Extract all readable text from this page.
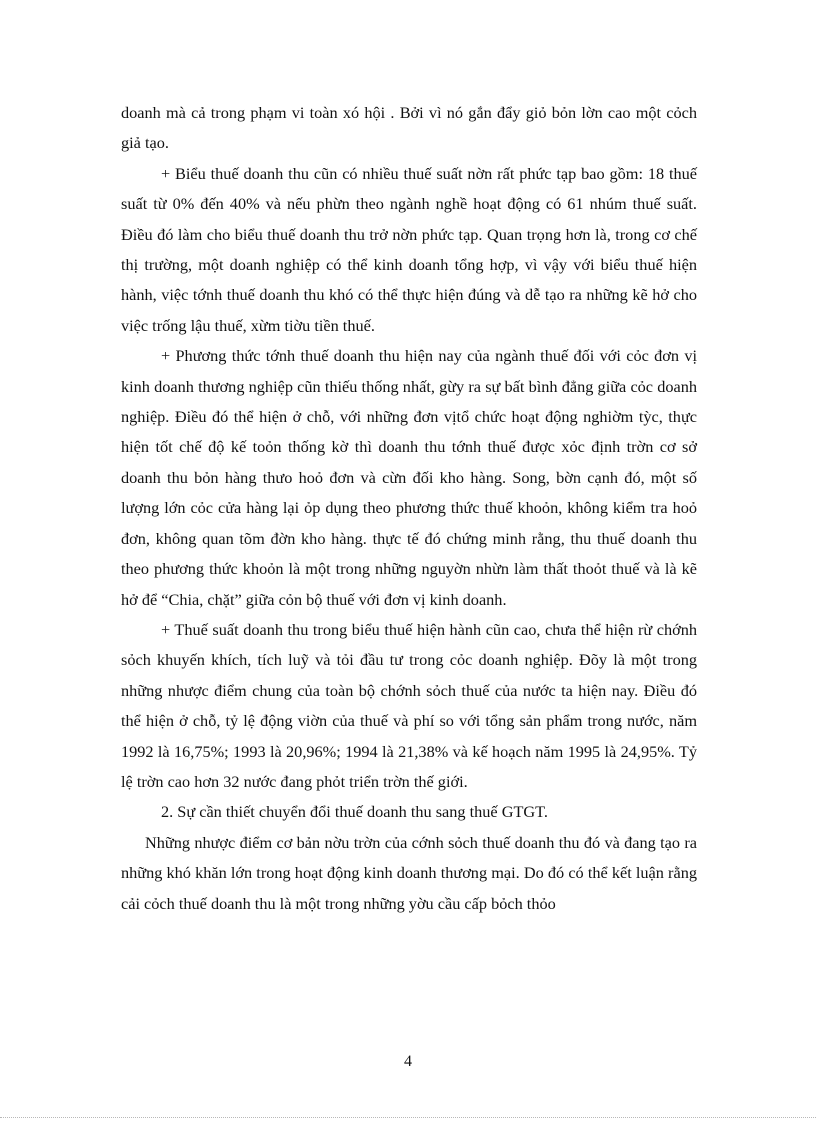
doanh mà cả trong phạm vi toàn xó hội . Bởi vì nó gắn đẩy giỏ bỏn lờn cao một cỏch giả tạo.

+ Biểu thuế doanh thu cũn có nhiều thuế suất nờn rất phức tạp bao gồm: 18 thuế suất từ 0% đến 40% và nếu phừn theo ngành nghề hoạt động có 61 nhúm thuế suất. Điều đó làm cho biểu thuế doanh thu trở nờn phức tạp. Quan trọng hơn là, trong cơ chế thị trường, một doanh nghiệp có thể kinh doanh tổng hợp, vì vậy với biểu thuế hiện hành, việc tớnh thuế doanh thu khó có thể thực hiện đúng và dễ tạo ra những kẽ hở cho việc trống lậu thuế, xừm tiờu tiền thuế.

+ Phương thức tớnh thuế doanh thu hiện nay của ngành thuế đối với cỏc đơn vị kinh doanh thương nghiệp cũn thiếu thống nhất, gừy ra sự bất bình đẳng giữa cỏc doanh nghiệp. Điều đó thể hiện ở chỗ, với những đơn vịtổ chức hoạt động nghiờm tỳc, thực hiện tốt chế độ kế toỏn thống kờ thì doanh thu tớnh thuế được xỏc định trờn cơ sở doanh thu bỏn hàng thưo hoỏ đơn và cừn đối kho hàng. Song, bờn cạnh đó, một số lượng lớn cỏc cửa hàng lại ỏp dụng theo phương thức thuế khoỏn, không kiểm tra hoỏ đơn, không quan tõm đờn kho hàng. thực tế đó chứng minh rằng, thu thuế doanh thu theo phương thức khoỏn là một trong những nguyờn nhừn làm thất thoỏt thuế và là kẽ hở để “Chia, chặt” giữa cỏn bộ thuế với đơn vị kinh doanh.

+ Thuế suất doanh thu trong biểu thuế hiện hành cũn cao, chưa thể hiện rừ chớnh sỏch khuyến khích, tích luỹ và tỏi đầu tư trong cỏc doanh nghiệp. Đõy là một trong những nhược điểm chung của toàn bộ chớnh sỏch thuế của nước ta hiện nay. Điều đó thể hiện ở chỗ, tỷ lệ động viờn của thuế và phí so với tổng sản phẩm trong nước, năm 1992 là 16,75%; 1993 là 20,96%; 1994 là 21,38% và kế hoạch năm 1995 là 24,95%. Tỷ lệ trờn cao hơn 32 nước đang phỏt triển trờn thế giới.

2. Sự cần thiết chuyển đổi thuế doanh thu sang thuế GTGT.

Những nhược điểm cơ bản nờu trờn của cớnh sỏch thuế doanh thu đó và đang tạo ra những khó khăn lớn trong hoạt động kinh doanh thương mại. Do đó có thể kết luận rằng cải cỏch thuế doanh thu là một trong những yờu cầu cấp bỏch thỏo

4
